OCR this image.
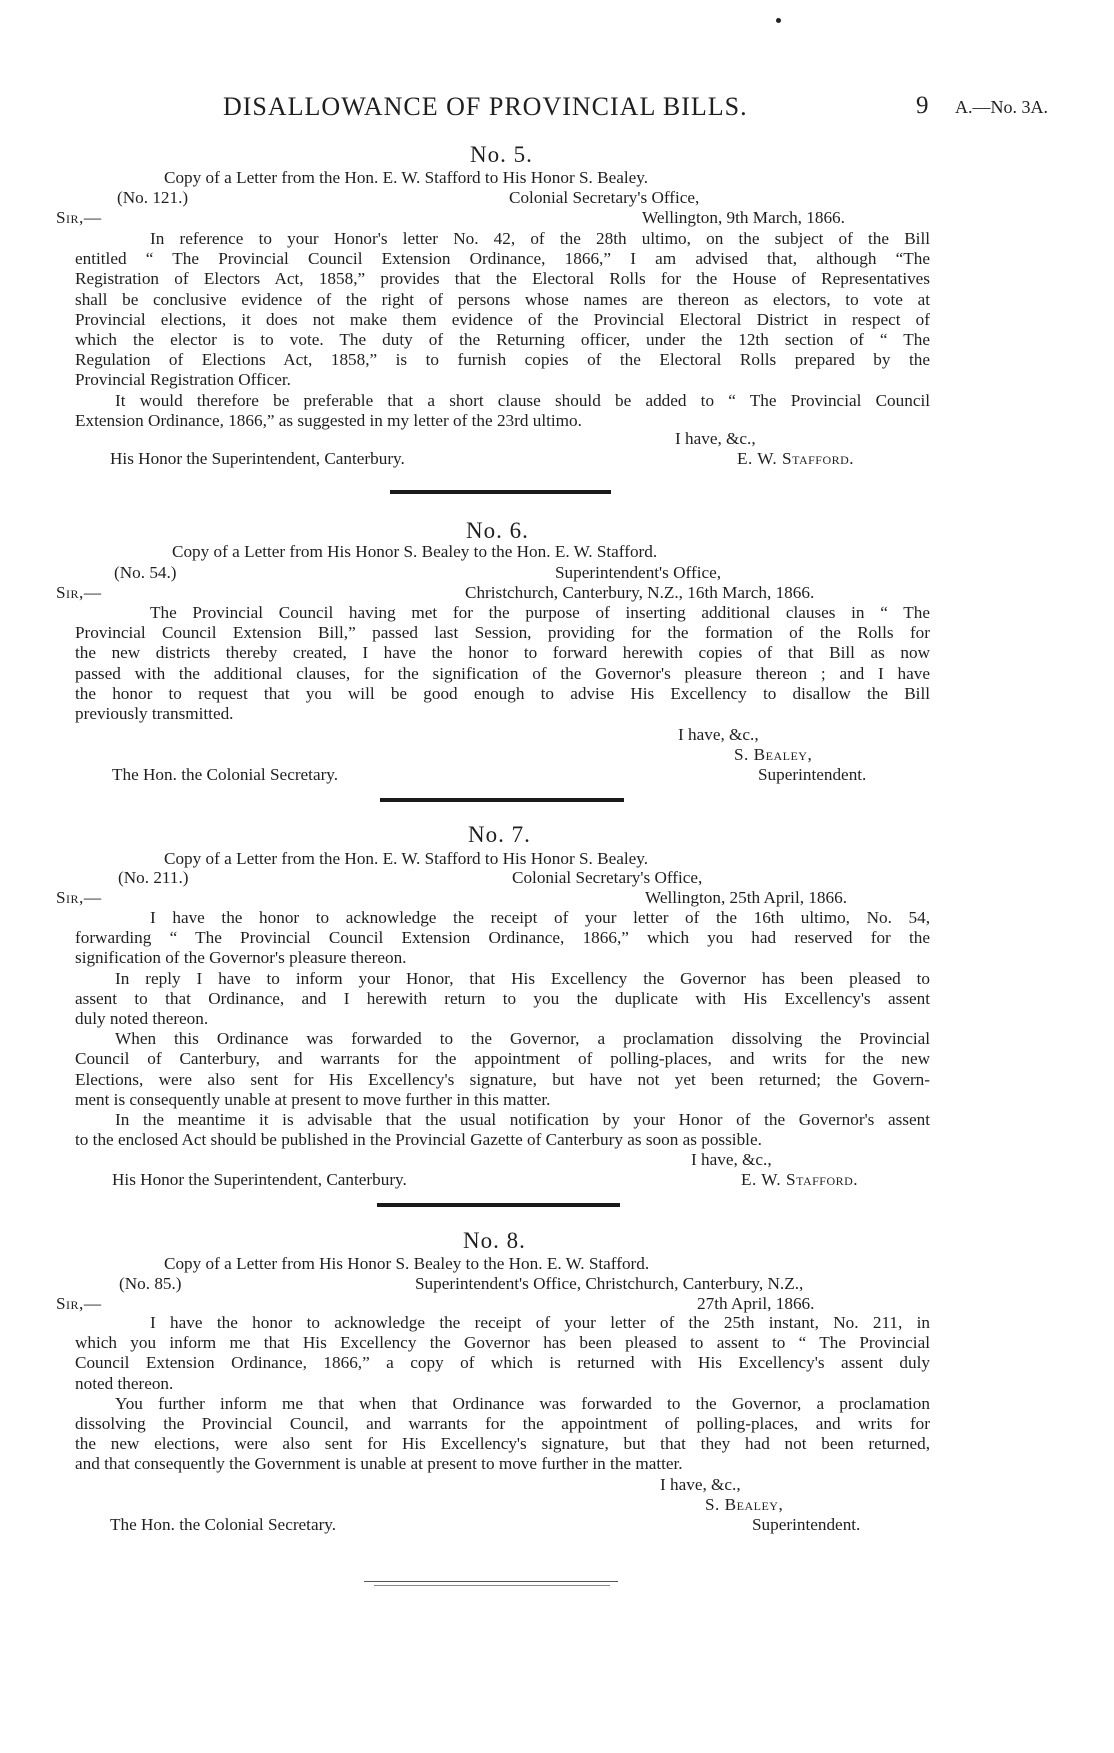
DISALLOWANCE OF PROVINCIAL BILLS.	9 A.—No. 3A.
No. 5.
Copy of a Letter from the Hon. E. W. Stafford to His Honor S. Bealey.
(No. 121.)	Colonial Secretary's Office,
Sir,—	Wellington, 9th March, 1866.
In reference to your Honor's letter No. 42, of the 28th ultimo, on the subject of the Bill
entitled “ The Provincial Council Extension Ordinance, 1866,” I am advised that, although “The
Registration of Electors Act, 1858,” provides that the Electoral Rolls for the House of Representatives
shall be conclusive evidence of the right of persons whose names are thereon as electors, to vote at
Provincial elections, it does not make them evidence of the Provincial Electoral District in respect of
which the elector is to vote. The duty of the Returning officer, under the 12th section of “ The
Regulation of Elections Act, 1858,” is to furnish copies of the Electoral Rolls prepared by the
Provincial Registration Officer.
It would therefore be preferable that a short clause should be added to “ The Provincial Council
Extension Ordinance, 1866,” as suggested in my letter of the 23rd ultimo.
I have, &c.,
His Honor the Superintendent, Canterbury.	E. W. Stafford.
No. 6.
Copy of a Letter from His Honor S. Bealey to the Hon. E. W. Stafford.
(No. 54.)	Superintendent's Office,
Sir,—	Christchurch, Canterbury, N.Z., 16th March, 1866.
The Provincial Council having met for the purpose of inserting additional clauses in “ The
Provincial Council Extension Bill,” passed last Session, providing for the formation of the Rolls for
the new districts thereby created, I have the honor to forward herewith copies of that Bill as now
passed with the additional clauses, for the signification of the Governor's pleasure thereon ; and I have
the honor to request that you will be good enough to advise His Excellency to disallow the Bill
previously transmitted.
I have, &c.,
S. Bealey,
The Hon. the Colonial Secretary.	Superintendent.
No. 7.
Copy of a Letter from the Hon. E. W. Stafford to His Honor S. Bealey.
(No. 211.)	Colonial Secretary's Office,
Sir,—	Wellington, 25th April, 1866.
I have the honor to acknowledge the receipt of your letter of the 16th ultimo, No. 54,
forwarding “ The Provincial Council Extension Ordinance, 1866,” which you had reserved for the
signification of the Governor's pleasure thereon.
In reply I have to inform your Honor, that His Excellency the Governor has been pleased to
assent to that Ordinance, and I herewith return to you the duplicate with His Excellency's assent
duly noted thereon.
When this Ordinance was forwarded to the Governor, a proclamation dissolving the Provincial
Council of Canterbury, and warrants for the appointment of polling-places, and writs for the new
Elections, were also sent for His Excellency's signature, but have not yet been returned; the Govern-
ment is consequently unable at present to move further in this matter.
In the meantime it is advisable that the usual notification by your Honor of the Governor's assent
to the enclosed Act should be published in the Provincial Gazette of Canterbury as soon as possible.
I have, &c.,
His Honor the Superintendent, Canterbury.	E. W. Stafford.
No. 8.
Copy of a Letter from His Honor S. Bealey to the Hon. E. W. Stafford.
(No. 85.)	Superintendent's Office, Christchurch, Canterbury, N.Z.,
Sir,—	27th April, 1866.
I have the honor to acknowledge the receipt of your letter of the 25th instant, No. 211, in
which you inform me that His Excellency the Governor has been pleased to assent to “ The Provincial
Council Extension Ordinance, 1866,” a copy of which is returned with His Excellency's assent duly
noted thereon.
You further inform me that when that Ordinance was forwarded to the Governor, a proclamation
dissolving the Provincial Council, and warrants for the appointment of polling-places, and writs for
the new elections, were also sent for His Excellency's signature, but that they had not been returned,
and that consequently the Government is unable at present to move further in the matter.
I have, &c.,
S. Bealey,
The Hon. the Colonial Secretary.	Superintendent.
